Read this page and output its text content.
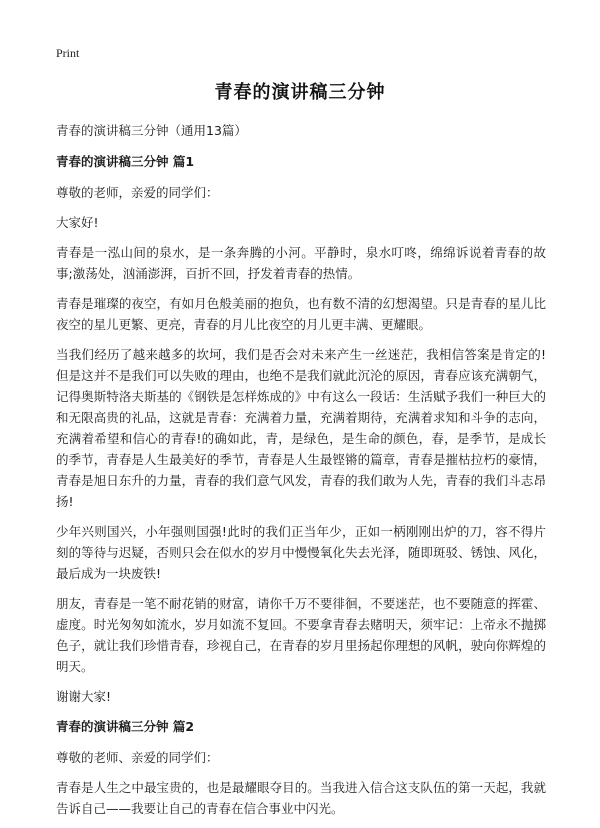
Print
青春的演讲稿三分钟

青春的演讲稿三分钟（通用13篇）

青春的演讲稿三分钟 篇1

尊敬的老师，亲爱的同学们：

大家好!

青春是一泓山间的泉水，是一条奔腾的小河。平静时，泉水叮咚，绵绵诉说着青春的故事;激荡处，汹涌澎湃，百折不回，抒发着青春的热情。

青春是璀璨的夜空，有如月色般美丽的抱负，也有数不清的幻想渴望。只是青春的星儿比夜空的星儿更繁、更亮，青春的月儿比夜空的月儿更丰满、更耀眼。

当我们经历了越来越多的坎坷，我们是否会对未来产生一丝迷茫，我相信答案是肯定的!但是这并不是我们可以失败的理由，也绝不是我们就此沉沦的原因，青春应该充满朝气，记得奥斯特洛夫斯基的《钢铁是怎样炼成的》中有这么一段话：生活赋予我们一种巨大的和无限高贵的礼品，这就是青春：充满着力量，充满着期待，充满着求知和斗争的志向，充满着希望和信心的青春!的确如此，青，是绿色，是生命的颜色，春，是季节，是成长的季节，青春是人生最美好的季节，青春是人生最铿锵的篇章，青春是摧枯拉朽的豪情，青春是旭日东升的力量，青春的我们意气风发，青春的我们敢为人先，青春的我们斗志昂扬!

少年兴则国兴，小年强则国强!此时的我们正当年少，正如一柄刚刚出炉的刀，容不得片刻的等待与迟疑，否则只会在似水的岁月中慢慢氧化失去光泽，随即斑驳、锈蚀、风化，最后成为一块废铁!

朋友，青春是一笔不耐花销的财富，请你千万不要徘徊，不要迷茫，也不要随意的挥霍、虚度。时光匆匆如流水，岁月如流不复回。不要拿青春去赌明天，须牢记：上帝永不抛掷色子，就让我们珍惜青春，珍视自己，在青春的岁月里扬起你理想的风帆，驶向你辉煌的明天。

谢谢大家!

青春的演讲稿三分钟 篇2

尊敬的老师、亲爱的同学们：

青春是人生之中最宝贵的，也是最耀眼夺目的。当我进入信合这支队伍的第一天起，我就告诉自己——我要让自己的青春在信合事业中闪光。
